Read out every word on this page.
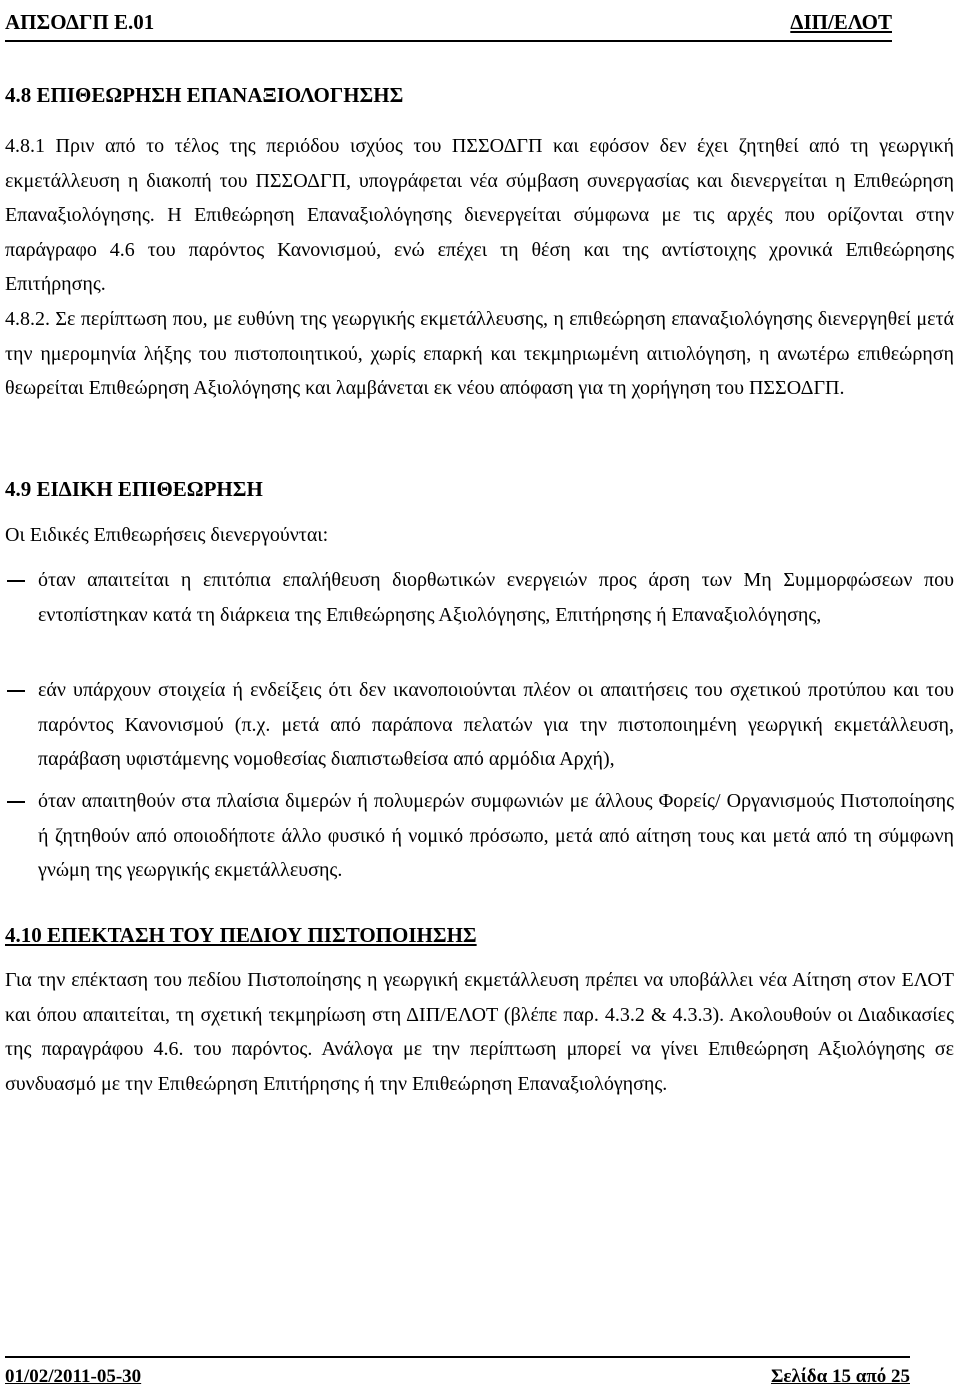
ΑΠΣΟΔΓΠ Ε.01	ΔΙΠ/ΕΛΟΤ
4.8 ΕΠΙΘΕΩΡΗΣΗ ΕΠΑΝΑΞΙΟΛΟΓΗΣΗΣ
4.8.1 Πριν από το τέλος της περιόδου ισχύος του ΠΣΣΟΔΓΠ και εφόσον δεν έχει ζητηθεί από τη γεωργική εκμετάλλευση η διακοπή του ΠΣΣΟΔΓΠ, υπογράφεται νέα σύμβαση συνεργασίας και διενεργείται η Επιθεώρηση Επαναξιολόγησης. Η Επιθεώρηση Επαναξιολόγησης διενεργείται σύμφωνα με τις αρχές που ορίζονται στην παράγραφο 4.6 του παρόντος Κανονισμού, ενώ επέχει τη θέση και της αντίστοιχης χρονικά Επιθεώρησης Επιτήρησης.
4.8.2. Σε περίπτωση που, με ευθύνη της γεωργικής εκμετάλλευσης, η επιθεώρηση επαναξιολόγησης διενεργηθεί μετά την ημερομηνία λήξης του πιστοποιητικού, χωρίς επαρκή και τεκμηριωμένη αιτιολόγηση, η ανωτέρω επιθεώρηση θεωρείται Επιθεώρηση Αξιολόγησης και λαμβάνεται εκ νέου απόφαση για τη χορήγηση του ΠΣΣΟΔΓΠ.
4.9 ΕΙΔΙΚΗ ΕΠΙΘΕΩΡΗΣΗ
Οι Ειδικές Επιθεωρήσεις διενεργούνται:
όταν απαιτείται η επιτόπια επαλήθευση διορθωτικών ενεργειών προς άρση των Μη Συμμορφώσεων που εντοπίστηκαν κατά τη διάρκεια της Επιθεώρησης Αξιολόγησης, Επιτήρησης ή Επαναξιολόγησης,
εάν υπάρχουν στοιχεία ή ενδείξεις ότι δεν ικανοποιούνται πλέον οι απαιτήσεις του σχετικού προτύπου και του παρόντος Κανονισμού (π.χ. μετά από παράπονα πελατών για την πιστοποιημένη γεωργική εκμετάλλευση, παράβαση υφιστάμενης νομοθεσίας διαπιστωθείσα από αρμόδια Αρχή),
όταν απαιτηθούν στα πλαίσια διμερών ή πολυμερών συμφωνιών με άλλους Φορείς/ Οργανισμούς Πιστοποίησης ή ζητηθούν από οποιοδήποτε άλλο φυσικό ή νομικό πρόσωπο, μετά από αίτηση τους και μετά από τη σύμφωνη γνώμη της γεωργικής εκμετάλλευσης.
4.10 ΕΠΕΚΤΑΣΗ ΤΟΥ ΠΕΔΙΟΥ ΠΙΣΤΟΠΟΙΗΣΗΣ
Για την επέκταση του πεδίου Πιστοποίησης η γεωργική εκμετάλλευση πρέπει να υποβάλλει νέα Αίτηση στον ΕΛΟΤ και όπου απαιτείται, τη σχετική τεκμηρίωση στη ΔΙΠ/ΕΛΟΤ (βλέπε παρ. 4.3.2 & 4.3.3). Ακολουθούν οι Διαδικασίες της παραγράφου 4.6. του παρόντος. Ανάλογα με την περίπτωση μπορεί να γίνει Επιθεώρηση Αξιολόγησης σε συνδυασμό με την Επιθεώρηση Επιτήρησης ή την Επιθεώρηση Επαναξιολόγησης.
01/02/2011-05-30	Σελίδα 15 από 25
